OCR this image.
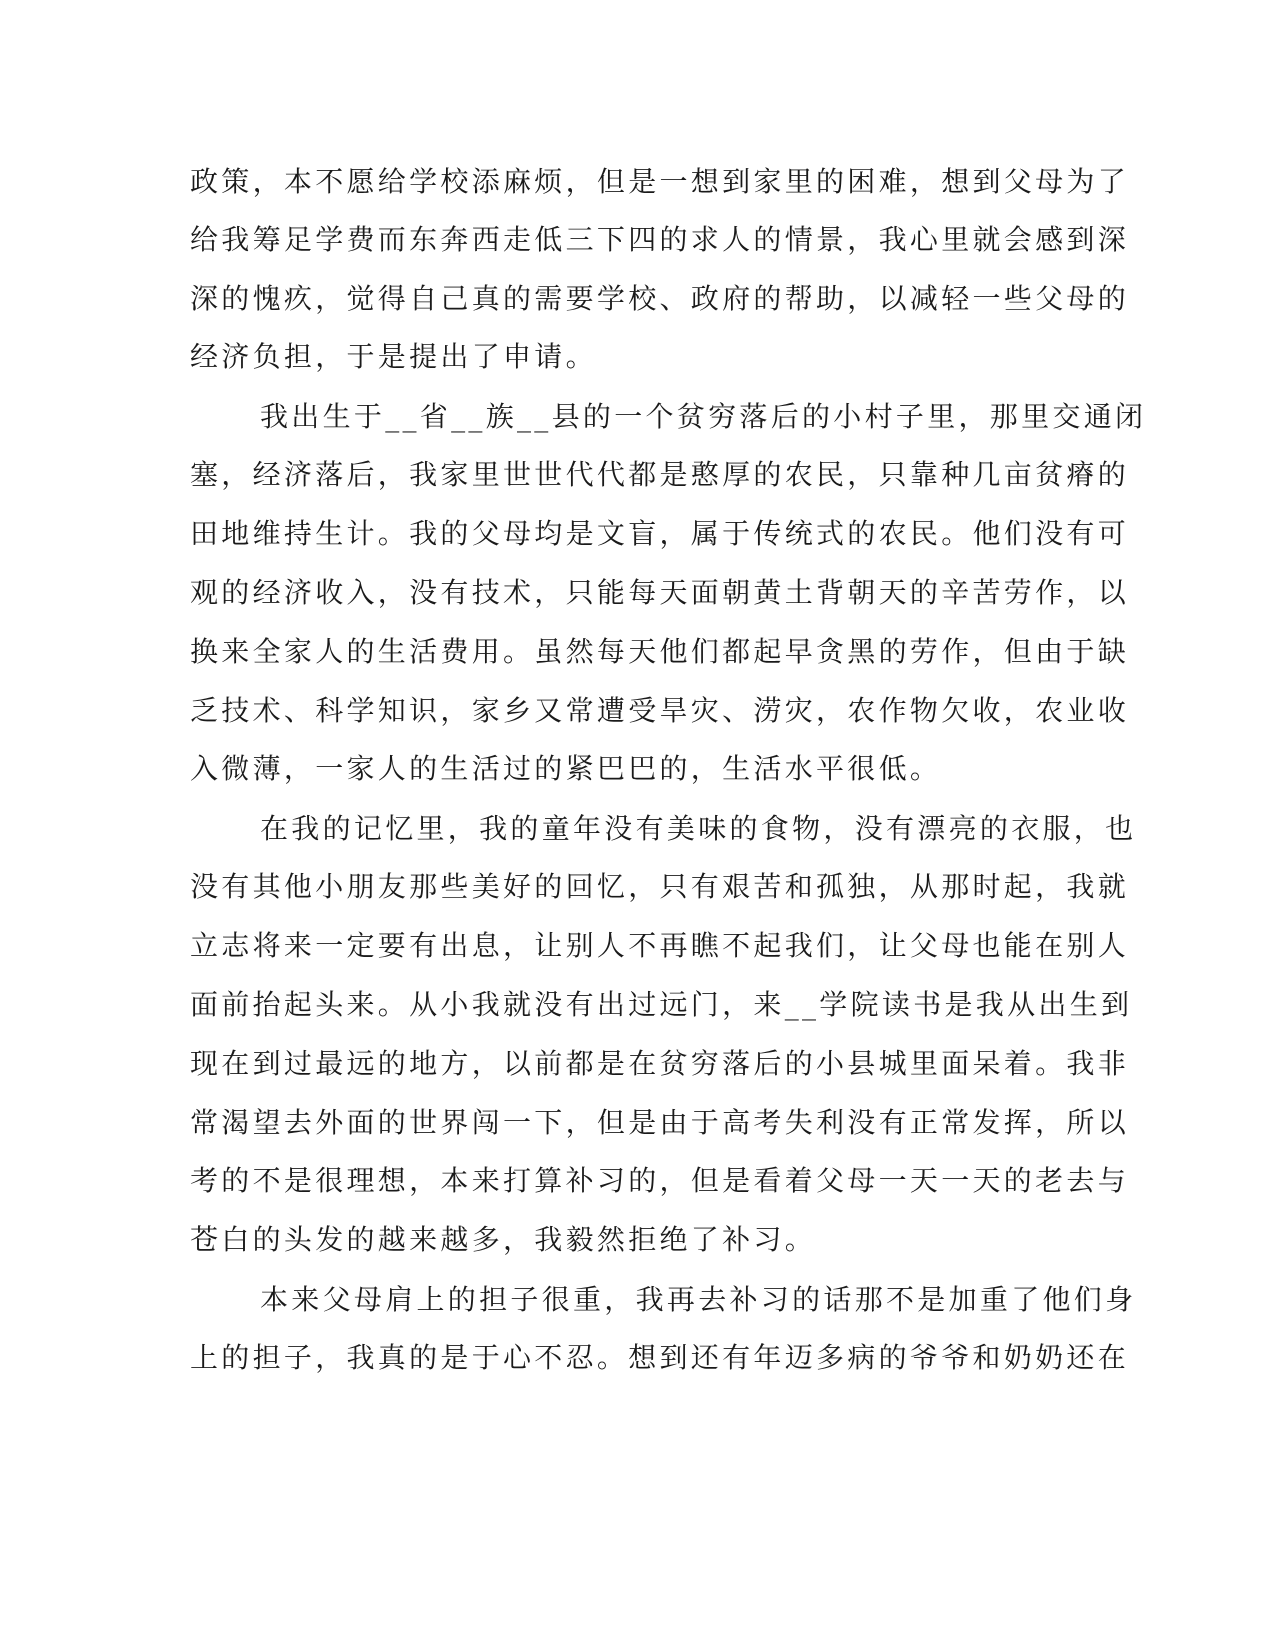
政策，本不愿给学校添麻烦，但是一想到家里的困难，想到父母为了
给我筹足学费而东奔西走低三下四的求人的情景，我心里就会感到深
深的愧疚，觉得自己真的需要学校、政府的帮助，以减轻一些父母的
经济负担，于是提出了申请。
我出生于__省__族__县的一个贫穷落后的小村子里，那里交通闭
塞，经济落后，我家里世世代代都是憨厚的农民，只靠种几亩贫瘠的
田地维持生计。我的父母均是文盲，属于传统式的农民。他们没有可
观的经济收入，没有技术，只能每天面朝黄土背朝天的辛苦劳作，以
换来全家人的生活费用。虽然每天他们都起早贪黑的劳作，但由于缺
乏技术、科学知识，家乡又常遭受旱灾、涝灾，农作物欠收，农业收
入微薄，一家人的生活过的紧巴巴的，生活水平很低。
在我的记忆里，我的童年没有美味的食物，没有漂亮的衣服，也
没有其他小朋友那些美好的回忆，只有艰苦和孤独，从那时起，我就
立志将来一定要有出息，让别人不再瞧不起我们，让父母也能在别人
面前抬起头来。从小我就没有出过远门，来__学院读书是我从出生到
现在到过最远的地方，以前都是在贫穷落后的小县城里面呆着。我非
常渴望去外面的世界闯一下，但是由于高考失利没有正常发挥，所以
考的不是很理想，本来打算补习的，但是看着父母一天一天的老去与
苍白的头发的越来越多，我毅然拒绝了补习。
本来父母肩上的担子很重，我再去补习的话那不是加重了他们身
上的担子，我真的是于心不忍。想到还有年迈多病的爷爷和奶奶还在
